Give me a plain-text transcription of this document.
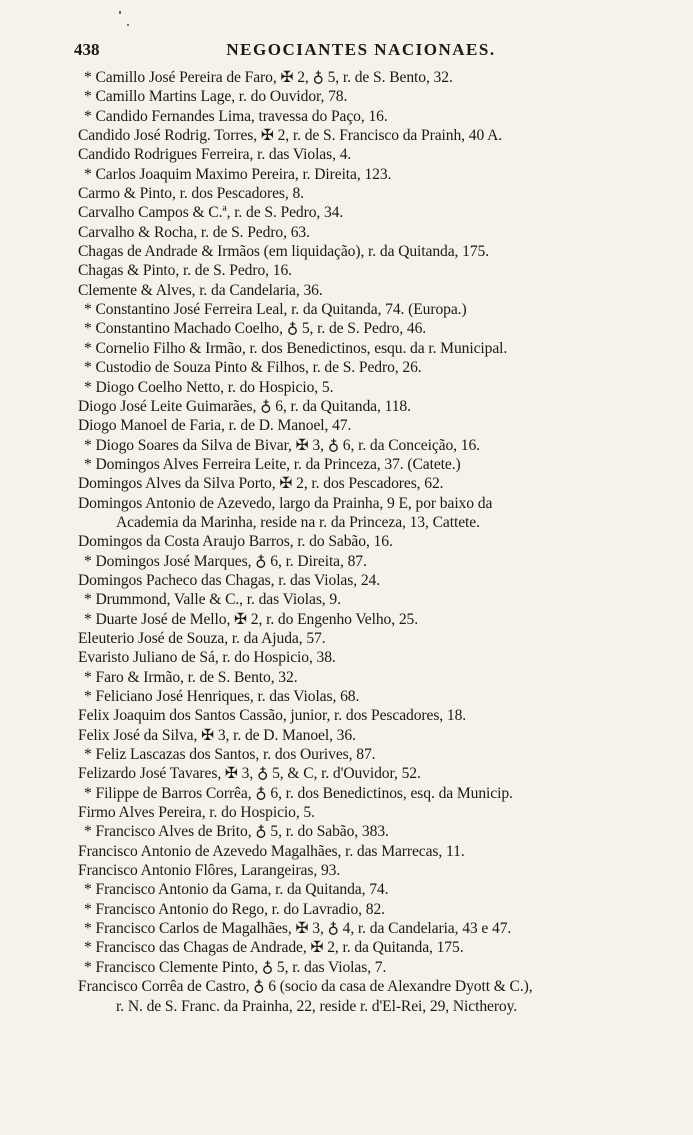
438	NEGOCIANTES NACIONAES.
* Camillo José Pereira de Faro, ✠ 2, ♁ 5, r. de S. Bento, 32.
* Camillo Martins Lage, r. do Ouvidor, 78.
* Candido Fernandes Lima, travessa do Paço, 16.
Candido José Rodrig. Torres, ✠ 2, r. de S. Francisco da Prainh, 40 A.
Candido Rodrigues Ferreira, r. das Violas, 4.
* Carlos Joaquim Maximo Pereira, r. Direita, 123.
Carmo & Pinto, r. dos Pescadores, 8.
Carvalho Campos & C.ª, r. de S. Pedro, 34.
Carvalho & Rocha, r. de S. Pedro, 63.
Chagas de Andrade & Irmãos (em liquidação), r. da Quitanda, 175.
Chagas & Pinto, r. de S. Pedro, 16.
Clemente & Alves, r. da Candelaria, 36.
* Constantino José Ferreira Leal, r. da Quitanda, 74. (Europa.)
* Constantino Machado Coelho, ♁ 5, r. de S. Pedro, 46.
* Cornelio Filho & Irmão, r. dos Benedictinos, esqu. da r. Municipal.
* Custodio de Souza Pinto & Filhos, r. de S. Pedro, 26.
* Diogo Coelho Netto, r. do Hospicio, 5.
Diogo José Leite Guimarães, ♁ 6, r. da Quitanda, 118.
Diogo Manoel de Faria, r. de D. Manoel, 47.
* Diogo Soares da Silva de Bivar, ✠ 3, ♁ 6, r. da Conceição, 16.
* Domingos Alves Ferreira Leite, r. da Princeza, 37. (Catete.)
Domingos Alves da Silva Porto, ✠ 2, r. dos Pescadores, 62.
Domingos Antonio de Azevedo, largo da Prainha, 9 E, por baixo da
Academia da Marinha, reside na r. da Princeza, 13, Cattete.
Domingos da Costa Araujo Barros, r. do Sabão, 16.
* Domingos José Marques, ♁ 6, r. Direita, 87.
Domingos Pacheco das Chagas, r. das Violas, 24.
* Drummond, Valle & C., r. das Violas, 9.
* Duarte José de Mello, ✠ 2, r. do Engenho Velho, 25.
Eleuterio José de Souza, r. da Ajuda, 57.
Evaristo Juliano de Sá, r. do Hospicio, 38.
* Faro & Irmão, r. de S. Bento, 32.
* Feliciano José Henriques, r. das Violas, 68.
Felix Joaquim dos Santos Cassão, junior, r. dos Pescadores, 18.
Felix José da Silva, ✠ 3, r. de D. Manoel, 36.
* Feliz Lascazas dos Santos, r. dos Ourives, 87.
Felizardo José Tavares, ✠ 3, ♁ 5, & C, r. d'Ouvidor, 52.
* Filippe de Barros Corrêa, ♁ 6, r. dos Benedictinos, esq. da Municip.
Firmo Alves Pereira, r. do Hospicio, 5.
* Francisco Alves de Brito, ♁ 5, r. do Sabão, 383.
Francisco Antonio de Azevedo Magalhães, r. das Marrecas, 11.
Francisco Antonio Flôres, Larangeiras, 93.
* Francisco Antonio da Gama, r. da Quitanda, 74.
* Francisco Antonio do Rego, r. do Lavradio, 82.
* Francisco Carlos de Magalhães, ✠ 3, ♁ 4, r. da Candelaria, 43 e 47.
* Francisco das Chagas de Andrade, ✠ 2, r. da Quitanda, 175.
* Francisco Clemente Pinto, ♁ 5, r. das Violas, 7.
Francisco Corrêa de Castro, ♁ 6 (socio da casa de Alexandre Dyott & C.),
r. N. de S. Franc. da Prainha, 22, reside r. d'El-Rei, 29, Nictheroy.
